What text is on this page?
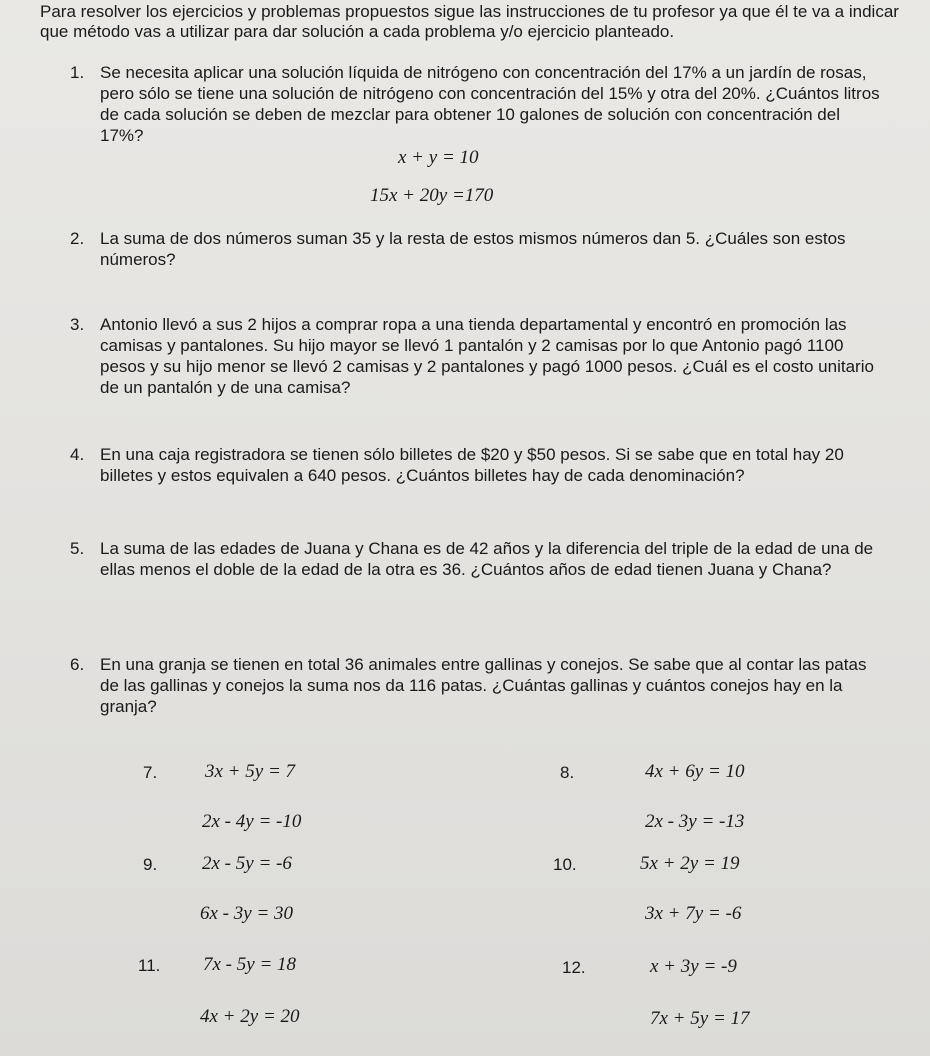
Para resolver los ejercicios y problemas propuestos sigue las instrucciones de tu profesor ya que él te va a indicar que método vas a utilizar para dar solución a cada problema y/o ejercicio planteado.
1. Se necesita aplicar una solución líquida de nitrógeno con concentración del 17% a un jardín de rosas, pero sólo se tiene una solución de nitrógeno con concentración del 15% y otra del 20%. ¿Cuántos litros de cada solución se deben de mezclar para obtener 10 galones de solución con concentración del 17%?
x + y = 10
15x + 20y =170
2. La suma de dos números suman 35 y la resta de estos mismos números dan 5. ¿Cuáles son estos números?
3. Antonio llevó a sus 2 hijos a comprar ropa a una tienda departamental y encontró en promoción las camisas y pantalones. Su hijo mayor se llevó 1 pantalón y 2 camisas por lo que Antonio pagó 1100 pesos y su hijo menor se llevó 2 camisas y 2 pantalones y pagó 1000 pesos. ¿Cuál es el costo unitario de un pantalón y de una camisa?
4. En una caja registradora se tienen sólo billetes de $20 y $50 pesos. Si se sabe que en total hay 20 billetes y estos equivalen a 640 pesos. ¿Cuántos billetes hay de cada denominación?
5. La suma de las edades de Juana y Chana es de 42 años y la diferencia del triple de la edad de una de ellas menos el doble de la edad de la otra es 36. ¿Cuántos años de edad tienen Juana y Chana?
6. En una granja se tienen en total 36 animales entre gallinas y conejos. Se sabe que al contar las patas de las gallinas y conejos la suma nos da 116 patas. ¿Cuántas gallinas y cuántos conejos hay en la granja?
7.	3x + 5y = 7
2x - 4y = -10
8.	4x + 6y = 10
2x - 3y = -13
9. 2x - 5y = -6
6x - 3y = 30
10.	5x + 2y = 19
3x + 7y = -6
11. 7x - 5y = 18
4x + 2y = 20
12.	x + 3y = -9
7x + 5y = 17
